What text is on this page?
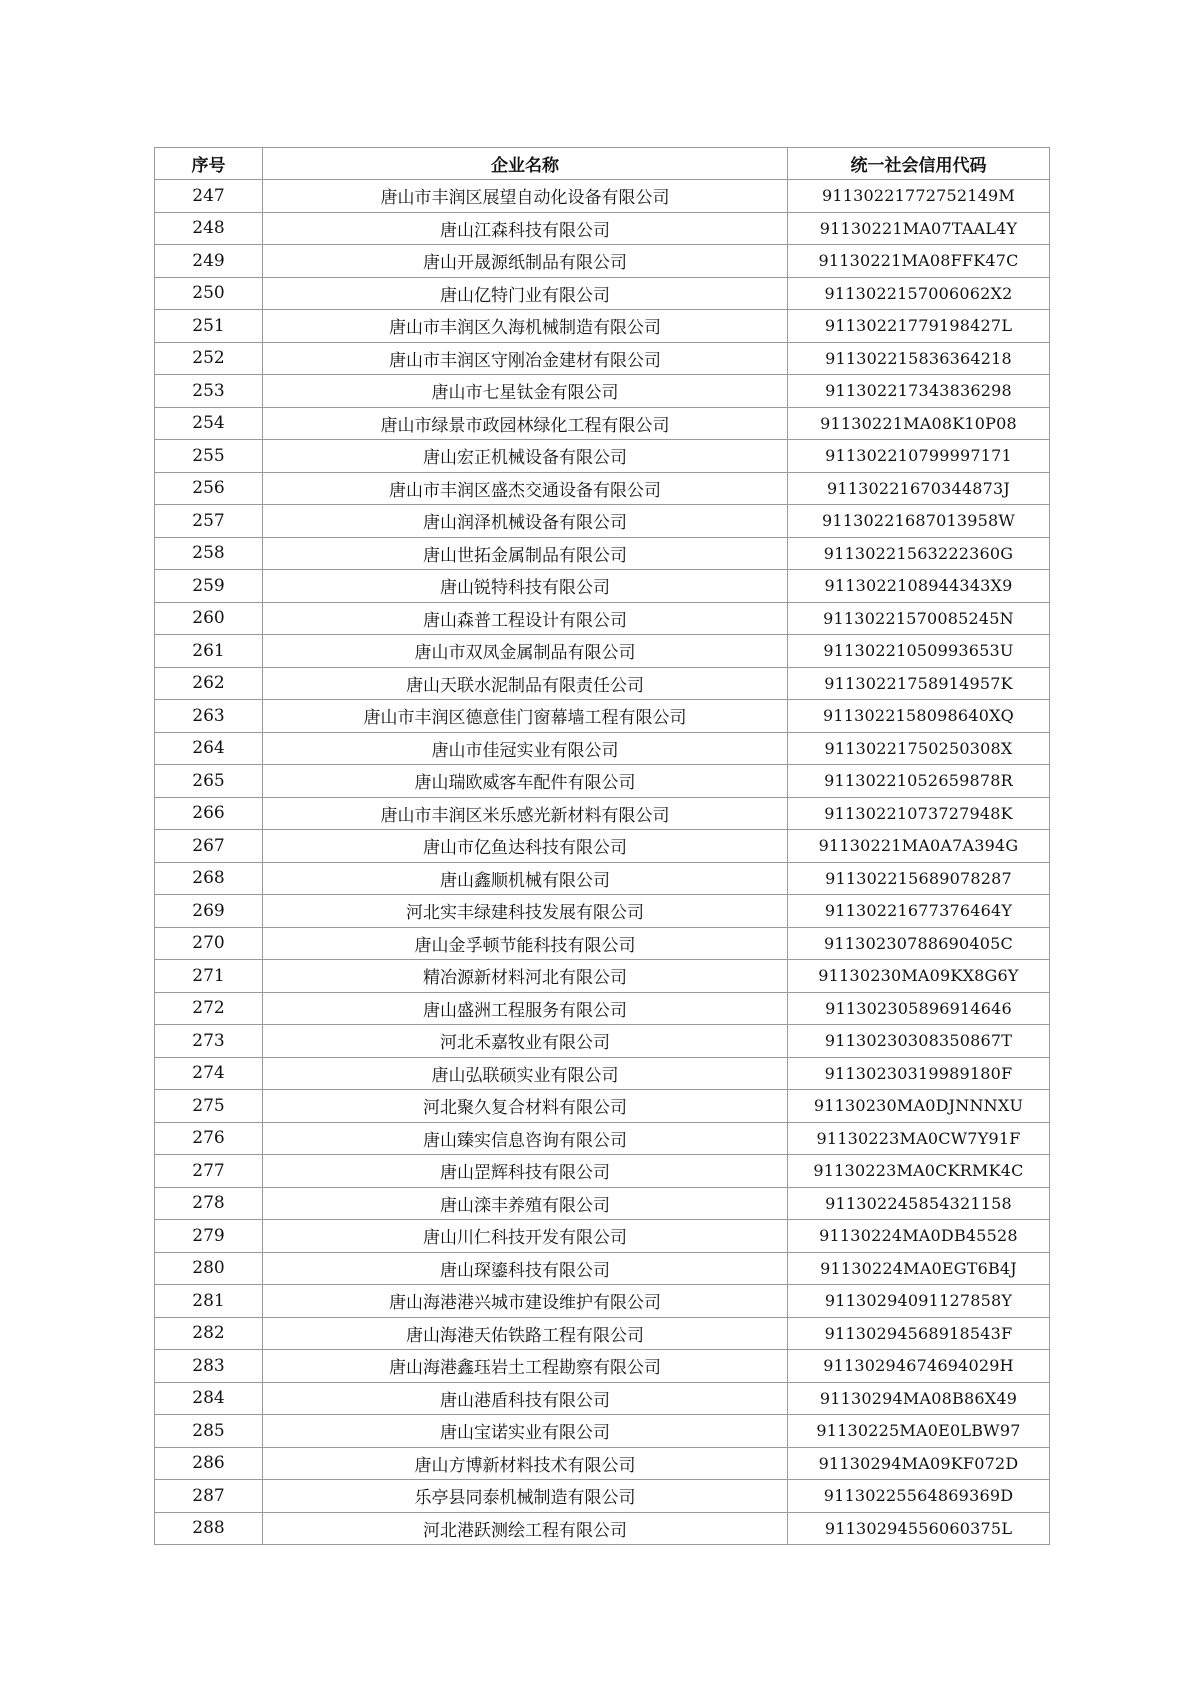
序号	企业名称	统一社会信用代码
247	唐山市丰润区展望自动化设备有限公司	91130221772752149M
248	唐山江森科技有限公司	91130221MA07TAAL4Y
249	唐山开晟源纸制品有限公司	91130221MA08FFK47C
250	唐山亿特门业有限公司	9113022157006062X2
251	唐山市丰润区久海机械制造有限公司	91130221779198427L
252	唐山市丰润区守刚冶金建材有限公司	911302215836364218
253	唐山市七星钛金有限公司	911302217343836298
254	唐山市绿景市政园林绿化工程有限公司	91130221MA08K10P08
255	唐山宏正机械设备有限公司	911302210799997171
256	唐山市丰润区盛杰交通设备有限公司	91130221670344873J
257	唐山润泽机械设备有限公司	91130221687013958W
258	唐山世拓金属制品有限公司	91130221563222360G
259	唐山锐特科技有限公司	9113022108944343X9
260	唐山森普工程设计有限公司	91130221570085245N
261	唐山市双凤金属制品有限公司	91130221050993653U
262	唐山天联水泥制品有限责任公司	91130221758914957K
263	唐山市丰润区德意佳门窗幕墙工程有限公司	9113022158098640XQ
264	唐山市佳冠实业有限公司	91130221750250308X
265	唐山瑞欧威客车配件有限公司	91130221052659878R
266	唐山市丰润区米乐感光新材料有限公司	91130221073727948K
267	唐山市亿鱼达科技有限公司	91130221MA0A7A394G
268	唐山鑫顺机械有限公司	911302215689078287
269	河北实丰绿建科技发展有限公司	91130221677376464Y
270	唐山金孚顿节能科技有限公司	91130230788690405C
271	精冶源新材料河北有限公司	91130230MA09KX8G6Y
272	唐山盛洲工程服务有限公司	911302305896914646
273	河北禾嘉牧业有限公司	91130230308350867T
274	唐山弘联硕实业有限公司	91130230319989180F
275	河北聚久复合材料有限公司	91130230MA0DJNNNXU
276	唐山臻实信息咨询有限公司	91130223MA0CW7Y91F
277	唐山罡辉科技有限公司	91130223MA0CKRMK4C
278	唐山滦丰养殖有限公司	911302245854321158
279	唐山川仁科技开发有限公司	91130224MA0DB45528
280	唐山琛鎏科技有限公司	91130224MA0EGT6B4J
281	唐山海港港兴城市建设维护有限公司	91130294091127858Y
282	唐山海港天佑铁路工程有限公司	91130294568918543F
283	唐山海港鑫珏岩土工程勘察有限公司	91130294674694029H
284	唐山港盾科技有限公司	91130294MA08B86X49
285	唐山宝诺实业有限公司	91130225MA0E0LBW97
286	唐山方博新材料技术有限公司	91130294MA09KF072D
287	乐亭县同泰机械制造有限公司	91130225564869369D
288	河北港跃测绘工程有限公司	91130294556060375L
